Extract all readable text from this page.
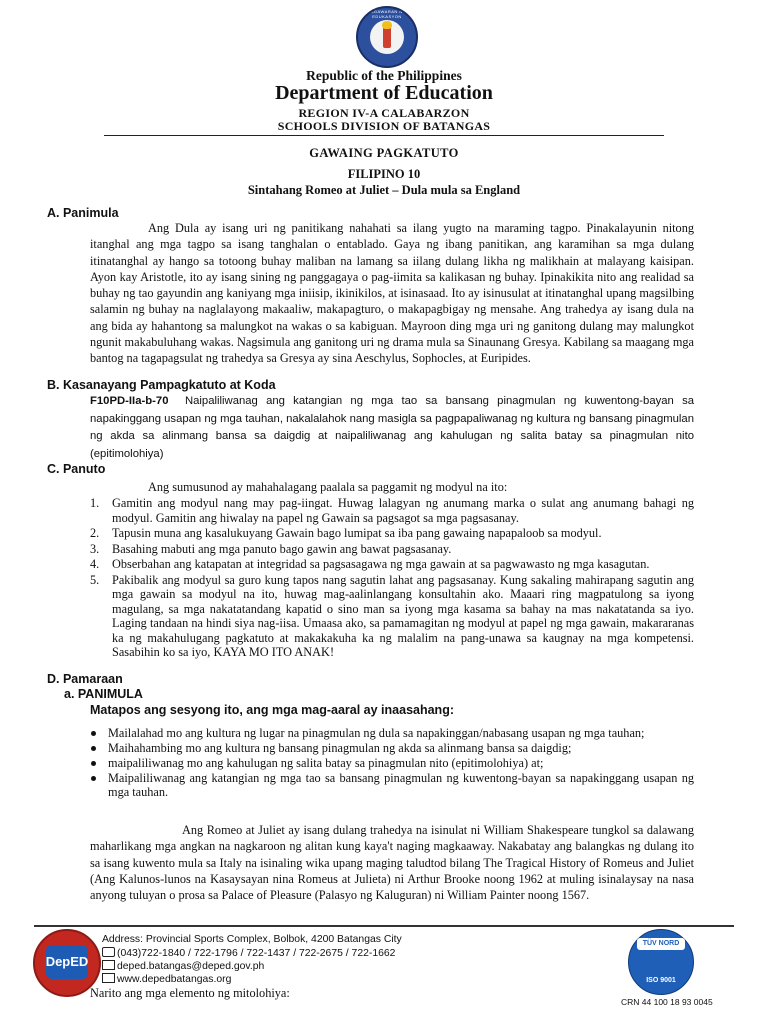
KAGAWARAN NG EDUKASYON
Republic of the Philippines
Department of Education
REGION IV-A CALABARZON
SCHOOLS DIVISION OF BATANGAS
GAWAING PAGKATUTO
FILIPINO 10
Sintahang Romeo at Juliet – Dula mula sa England
A. Panimula
Ang Dula ay isang uri ng panitikang nahahati sa ilang yugto na maraming tagpo. Pinakalayunin nitong itanghal ang mga tagpo sa isang tanghalan o entablado. Gaya ng ibang panitikan, ang karamihan sa mga dulang itinatanghal ay hango sa totoong buhay maliban na lamang sa iilang dulang likha ng malikhain at malayang kaisipan. Ayon kay Aristotle, ito ay isang sining ng panggagaya o pag-iimita sa kalikasan ng buhay. Ipinakikita nito ang realidad sa buhay ng tao gayundin ang kaniyang mga iniisip, ikinikilos, at isinasaad. Ito ay isinusulat at itinatanghal upang magsilbing salamin ng buhay na naglalayong makaaliw, makapagturo, o makapagbigay ng mensahe. Ang trahedya ay isang dula na ang bida ay hahantong sa malungkot na wakas o sa kabiguan. Mayroon ding mga uri ng ganitong dulang may malungkot ngunit makabuluhang wakas. Nagsimula ang ganitong uri ng drama mula sa Sinaunang Gresya. Kabilang sa maagang mga bantog na tagapagsulat ng trahedya sa Gresya ay sina Aeschylus, Sophocles, at Euripides.
B. Kasanayang Pampagkatuto at Koda
F10PD-IIa-b-70 Naipaliliwanag ang katangian ng mga tao sa bansang pinagmulan ng kuwentong-bayan sa napakinggang usapan ng mga tauhan, nakalalahok nang masigla sa pagpapaliwanag ng kultura ng bansang pinagmulan ng akda sa alinmang bansa sa daigdig at naipaliliwanag ang kahulugan ng salita batay sa pinagmulan nito (epitimolohiya)
C. Panuto
Ang sumusunod ay mahahalagang paalala sa paggamit ng modyul na ito:
1. Gamitin ang modyul nang may pag-iingat. Huwag lalagyan ng anumang marka o sulat ang anumang bahagi ng modyul. Gamitin ang hiwalay na papel ng Gawain sa pagsagot sa mga pagsasanay.
2. Tapusin muna ang kasalukuyang Gawain bago lumipat sa iba pang gawaing napapaloob sa modyul.
3. Basahing mabuti ang mga panuto bago gawin ang bawat pagsasanay.
4. Obserbahan ang katapatan at integridad sa pagsasagawa ng mga gawain at sa pagwawasto ng mga kasagutan.
5. Pakibalik ang modyul sa guro kung tapos nang sagutin lahat ang pagsasanay. Kung sakaling mahirapang sagutin ang mga gawain sa modyul na ito, huwag mag-aalinlangang konsultahin ako. Maaari ring magpatulong sa iyong magulang, sa mga nakatatandang kapatid o sino man sa iyong mga kasama sa bahay na mas nakatatanda sa iyo. Laging tandaan na hindi siya nag-iisa. Umaasa ako, sa pamamagitan ng modyul at papel ng mga gawain, makararanas ka ng makahulugang pagkatuto at makakakuha ka ng malalim na pang-unawa sa kaugnay na mga kompetensi. Sasabihin ko sa iyo, KAYA MO ITO ANAK!
D. Pamaraan
a. PANIMULA
Matapos ang sesyong ito, ang mga mag-aaral ay inaasahang:
Mailalahad mo ang kultura ng lugar na pinagmulan ng dula sa napakinggan/nabasang usapan ng mga tauhan;
Maihahambing mo ang kultura ng bansang pinagmulan ng akda sa alinmang bansa sa daigdig;
maipaliliwanag mo ang kahulugan ng salita batay sa pinagmulan nito (epitimolohiya) at;
Maipaliliwanag ang katangian ng mga tao sa bansang pinagmulan ng kuwentong-bayan sa napakinggang usapan ng mga tauhan.
Ang Romeo at Juliet ay isang dulang trahedya na isinulat ni William Shakespeare tungkol sa dalawang maharlikang mga angkan na nagkaroon ng alitan kung kaya't naging magkaaway. Nakabatay ang balangkas ng dulang ito sa isang kuwento mula sa Italy na isinaling wika upang maging taludtod bilang The Tragical History of Romeus and Juliet (Ang Kalunos-lunos na Kasaysayan nina Romeus at Julieta) ni Arthur Brooke noong 1962 at muling isinalaysay na nasa anyong tuluyan o prosa sa Palace of Pleasure (Palasyo ng Kaluguran) ni William Painter noong 1567.
DepED
Address: Provincial Sports Complex, Bolbok, 4200 Batangas City
(043)722-1840 / 722-1796 / 722-1437 / 722-2675 / 722-1662
deped.batangas@deped.gov.ph
www.depedbatangas.org
Narito ang mga elemento ng mitolohiya:
TÜV NORD
ISO 9001
CRN 44 100 18 93 0045
